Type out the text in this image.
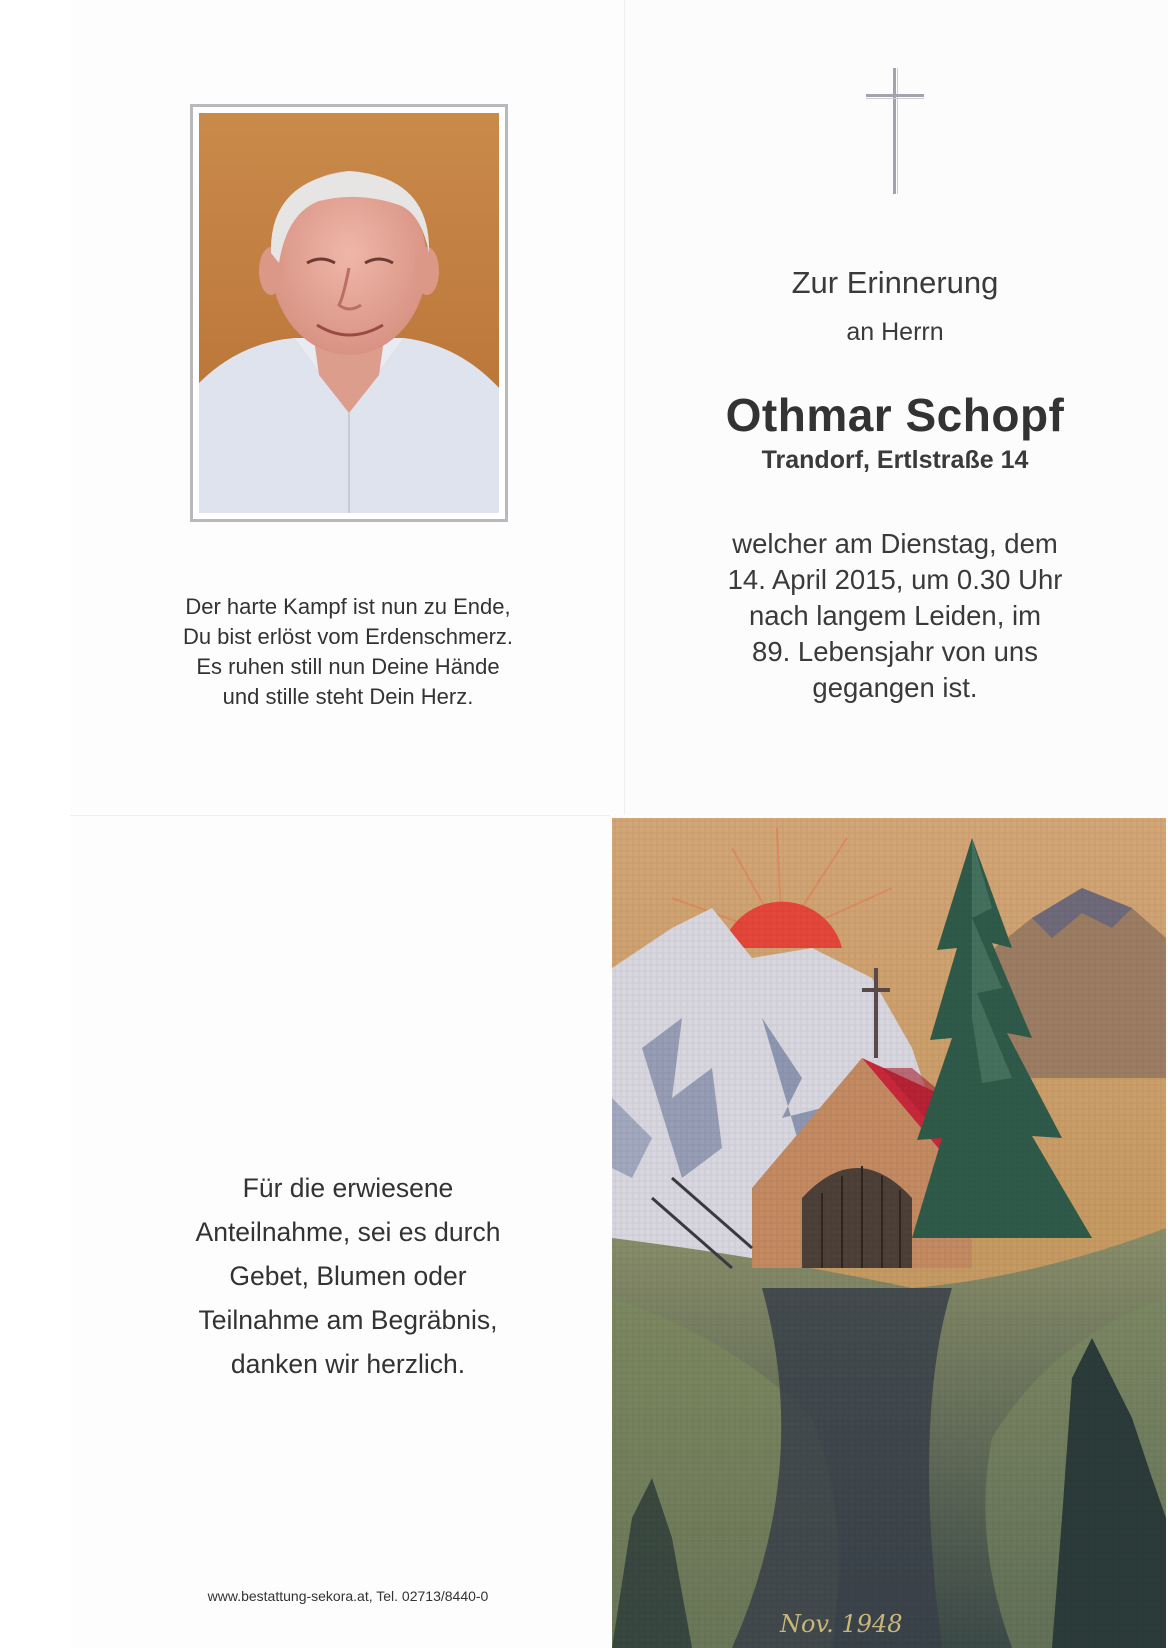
Zur Erinnerung
an Herrn
Othmar Schopf
Trandorf, Ertlstraße 14
welcher am Dienstag, dem
14. April 2015, um 0.30 Uhr
nach langem Leiden, im
89. Lebensjahr von uns
gegangen ist.
Der harte Kampf ist nun zu Ende,
Du bist erlöst vom Erdenschmerz.
Es ruhen still nun Deine Hände
und stille steht Dein Herz.
Für die erwiesene
Anteilnahme, sei es durch
Gebet, Blumen oder
Teilnahme am Begräbnis,
danken wir herzlich.
www.bestattung-sekora.at, Tel. 02713/8440-0
Nov. 1948
